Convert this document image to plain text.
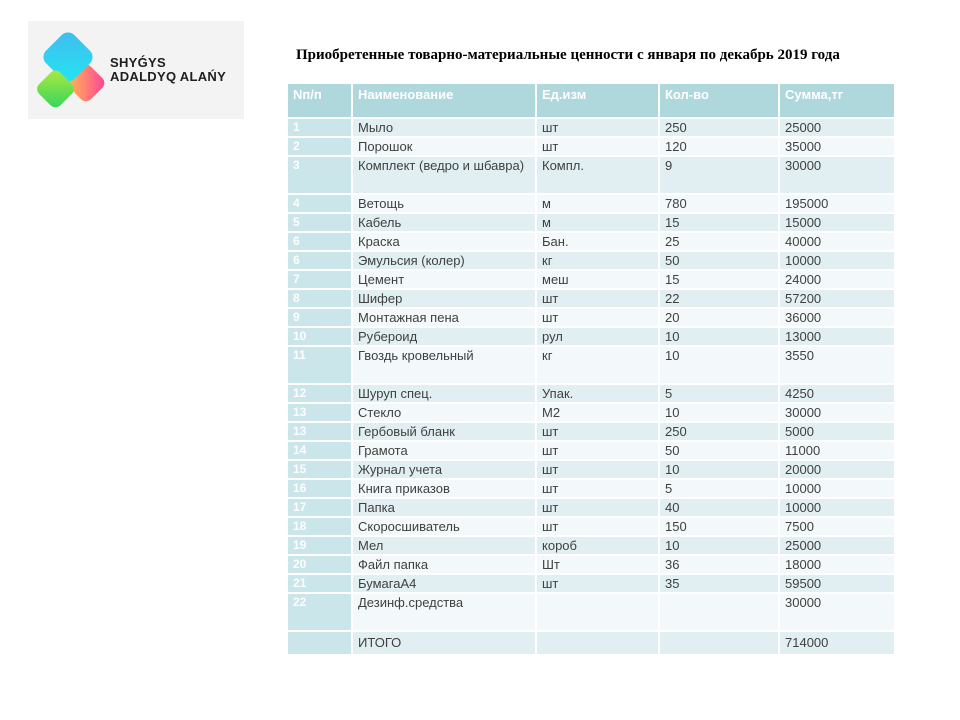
SHYǴYS
ADALDYQ ALAŃY
Приобретенные товарно-материальные ценности с января по декабрь 2019 года
Nп/п	Наименование	Ед.изм	Кол-во	Сумма,тг
1	Мыло	шт	250	25000
2	Порошок	шт	120	35000
3	Комплект (ведро и шбавра)	Компл.	9	30000
4	Ветощь	м	780	195000
5	Кабель	м	15	15000
6	Краска	Бан.	25	40000
6	Эмульсия (колер)	кг	50	10000
7	Цемент	меш	15	24000
8	Шифер	шт	22	57200
9	Монтажная пена	шт	20	36000
10	Рубероид	рул	10	13000
11	Гвоздь кровельный	кг	10	3550
12	Шуруп спец.	Упак.	5	4250
13	Стекло	М2	10	30000
13	Гербовый бланк	шт	250	5000
14	Грамота	шт	50	11000
15	Журнал учета	шт	10	20000
16	Книга приказов	шт	5	10000
17	Папка	шт	40	10000
18	Скоросшиватель	шт	150	7500
19	Мел	короб	10	25000
20	Файл папка	Шт	36	18000
21	БумагаА4	шт	35	59500
22	Дезинф.средства			30000
	ИТОГО			714000
